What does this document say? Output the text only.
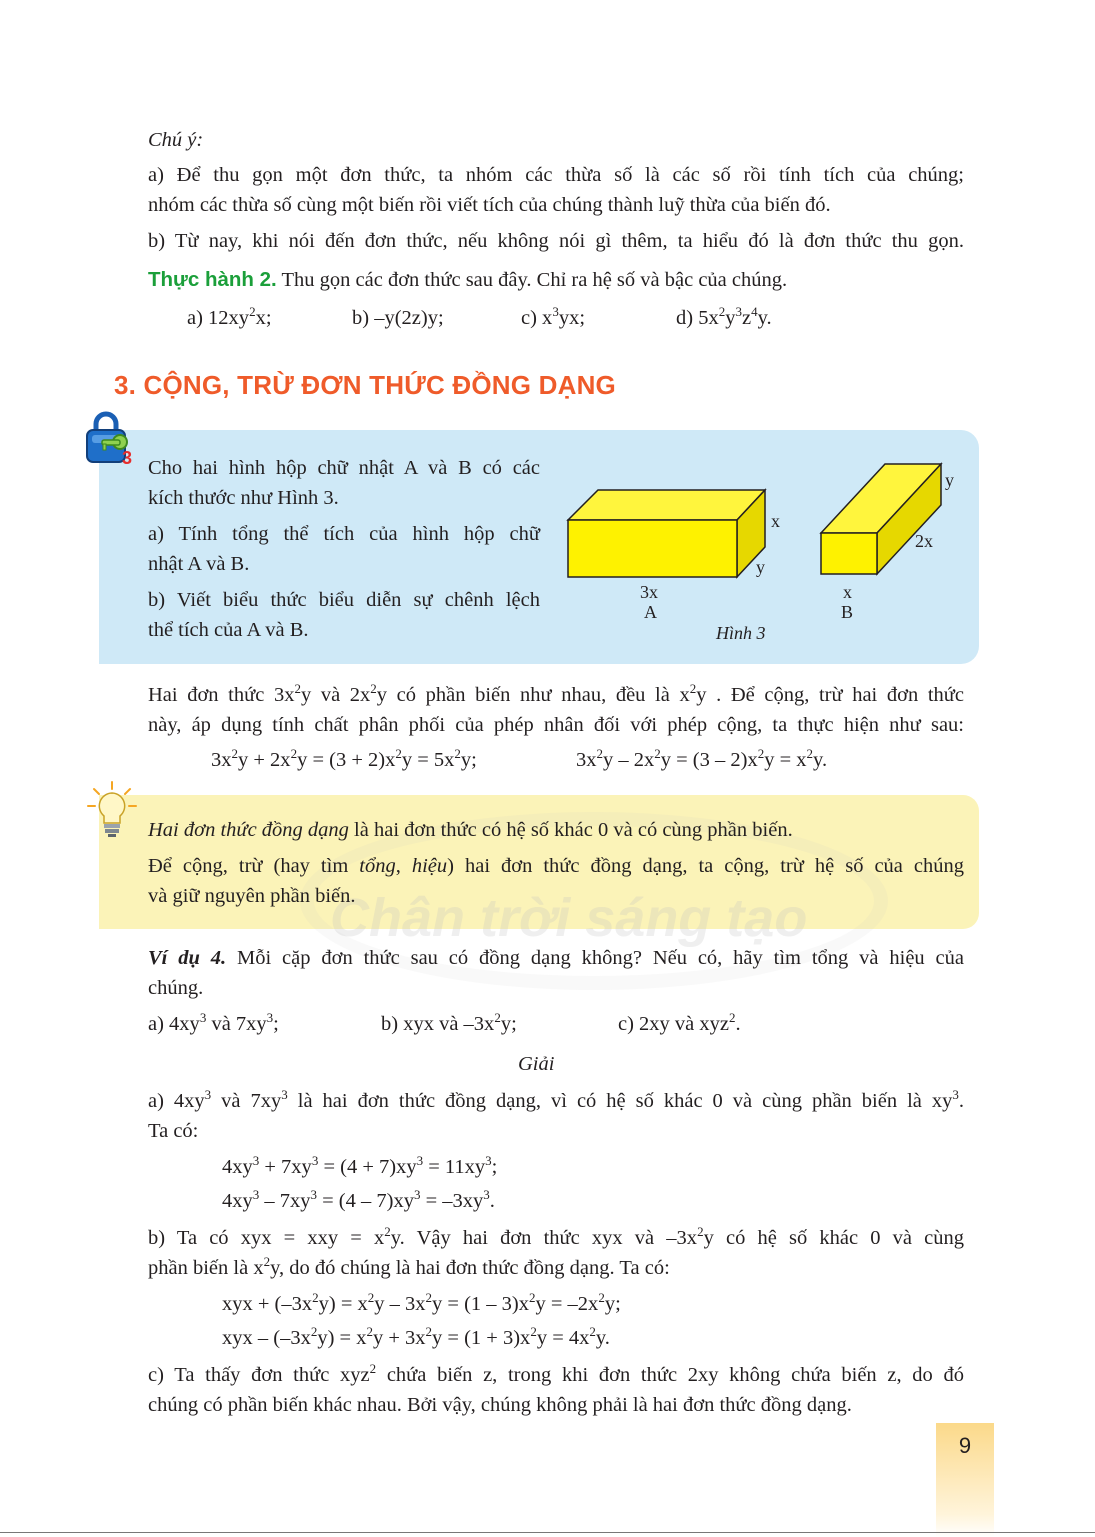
Chú ý:

a) Để thu gọn một đơn thức, ta nhóm các thừa số là các số rồi tính tích của chúng;

nhóm các thừa số cùng một biến rồi viết tích của chúng thành luỹ thừa của biến đó.

b) Từ nay, khi nói đến đơn thức, nếu không nói gì thêm, ta hiểu đó là đơn thức thu gọn.

Thực hành 2. Thu gọn các đơn thức sau đây. Chỉ ra hệ số và bậc của chúng.

a) $12xy^2x$;	b) –y(2z)y;	c) $x^3yx$;	d) $5x^2y^3z^4y$.

3. CỘNG, TRỪ ĐƠN THỨC ĐỒNG DẠNG

3 Cho hai hình hộp chữ nhật A và B có các

kích thước như Hình 3.

a) Tính tổng thể tích của hình hộp chữ

nhật A và B.

b) Viết biểu thức biểu diễn sự chênh lệch

thể tích của A và B.

x
y
3x
A
y
2x
x
B
Hình 3

Hai đơn thức $3x^2y$ và $2x^2y$ có phần biến như nhau, đều là $x^2y$ . Để cộng, trừ hai đơn thức

này, áp dụng tính chất phân phối của phép nhân đối với phép cộng, ta thực hiện như sau:

$3x^2y + 2x^2y = (3 + 2)x^2y = 5x^2y$;	$3x^2y - 2x^2y = (3 - 2)x^2y = x^2y$.

Chân trời sáng tạo

Hai đơn thức đồng dạng là hai đơn thức có hệ số khác 0 và có cùng phần biến.

Để cộng, trừ (hay tìm tổng, hiệu) hai đơn thức đồng dạng, ta cộng, trừ hệ số của chúng

và giữ nguyên phần biến.

Ví dụ 4. Mỗi cặp đơn thức sau có đồng dạng không? Nếu có, hãy tìm tổng và hiệu của

chúng.

a) $4xy^3$ và $7xy^3$;	b) xyx và $-3x^2y$;	c) 2xy và xyz$^2$.

Giải

a) $4xy^3$ và $7xy^3$ là hai đơn thức đồng dạng, vì có hệ số khác 0 và cùng phần biến là $xy^3$.

Ta có:

$4xy^3 + 7xy^3 = (4 + 7)xy^3 = 11xy^3$;

$4xy^3 - 7xy^3 = (4 - 7)xy^3 = -3xy^3$.

b) Ta có xyx = xxy = $x^2y$. Vậy hai đơn thức xyx và $-3x^2y$ có hệ số khác 0 và cùng

phần biến là $x^2y$, do đó chúng là hai đơn thức đồng dạng. Ta có:

xyx + $(-3x^2y) = x^2y - 3x^2y = (1 - 3)x^2y = -2x^2y$;

xyx – $(-3x^2y) = x^2y + 3x^2y = (1 + 3)x^2y = 4x^2y$.

c) Ta thấy đơn thức xyz$^2$ chứa biến z, trong khi đơn thức 2xy không chứa biến z, do đó

chúng có phần biến khác nhau. Bởi vậy, chúng không phải là hai đơn thức đồng dạng.

9
